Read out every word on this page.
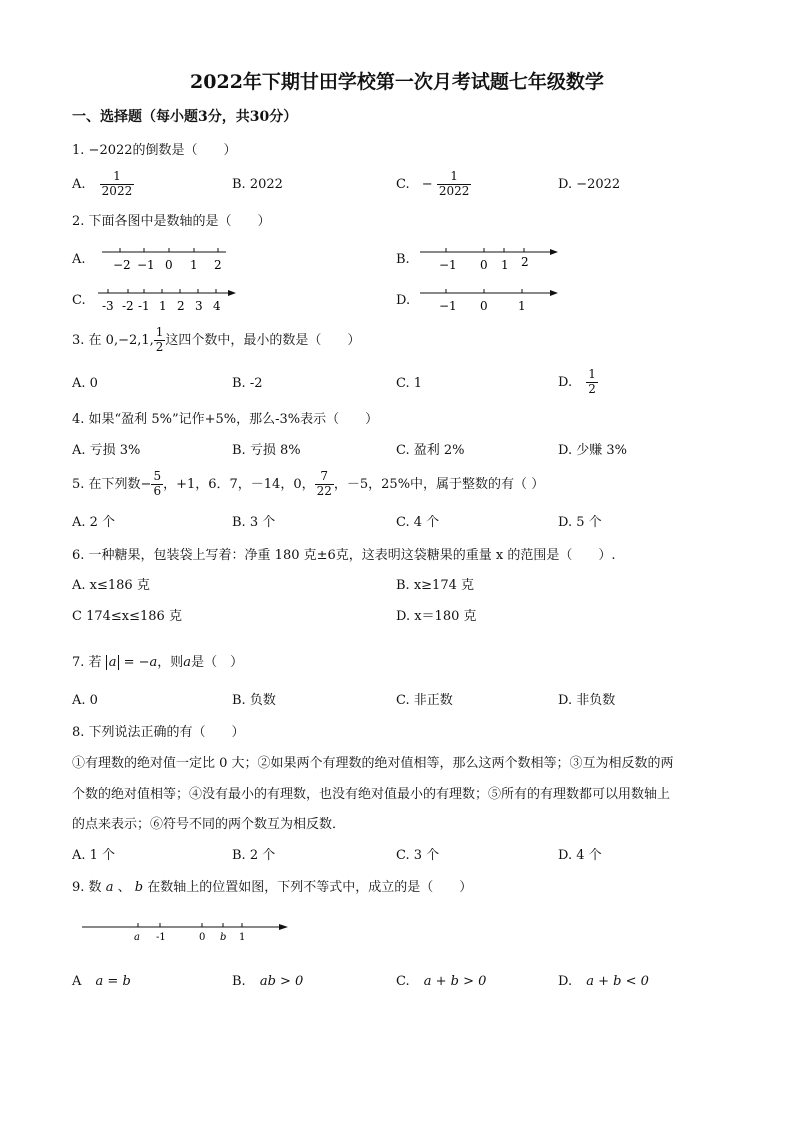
2022年下期甘田学校第一次月考试题七年级数学
一、选择题（每小题3分，共30分）
1. −2022的倒数是（　　）
A. $\frac{1}{2022}$	B. 2022	C. − $\frac{1}{2022}$	D. −2022
2. 下面各图中是数轴的是（　　）
A. −2 −1 0 1 2	B. −1 0 1 2
C. -3 -2 -1 1 2 3 4	D. −1 0	1
3. 在 0,−2,1, $\frac{1}{2}$ 这四个数中，最小的数是（　　）
A. 0	B. -2	C. 1	D. $\frac{1}{2}$
4. 如果“盈利 5%”记作+5%，那么-3%表示（　　）
A. 亏损 3%	B. 亏损 8%	C. 盈利 2%	D. 少赚 3%
5. 在下列数− $\frac{5}{6}$ ，+1，6．7，－14，0， $\frac{7}{22}$ ，－5，25%中，属于整数的有（ ）
A. 2 个	B. 3 个	C. 4 个	D. 5 个
6. 一种糖果，包装袋上写着：净重 180 克±6克，这表明这袋糖果的重量 x 的范围是（　　）.
A. x≤186 克	B. x≥174 克
C 174≤x≤186 克	D. x＝180 克
7. 若 a = −a，则a是（　）
A. 0	B. 负数	C. 非正数	D. 非负数
8. 下列说法正确的有（　　）
①有理数的绝对值一定比 0 大；②如果两个有理数的绝对值相等，那么这两个数相等；③互为相反数的两
个数的绝对值相等；④没有最小的有理数，也没有绝对值最小的有理数；⑤所有的有理数都可以用数轴上
的点来表示；⑥符号不同的两个数互为相反数．
A. 1 个	B. 2 个	C. 3 个	D. 4 个
9. 数 a 、 b 在数轴上的位置如图，下列不等式中，成立的是（　　）
a -1	0 b 1
A a = b	B. ab > 0	C. a + b > 0	D. a + b < 0
